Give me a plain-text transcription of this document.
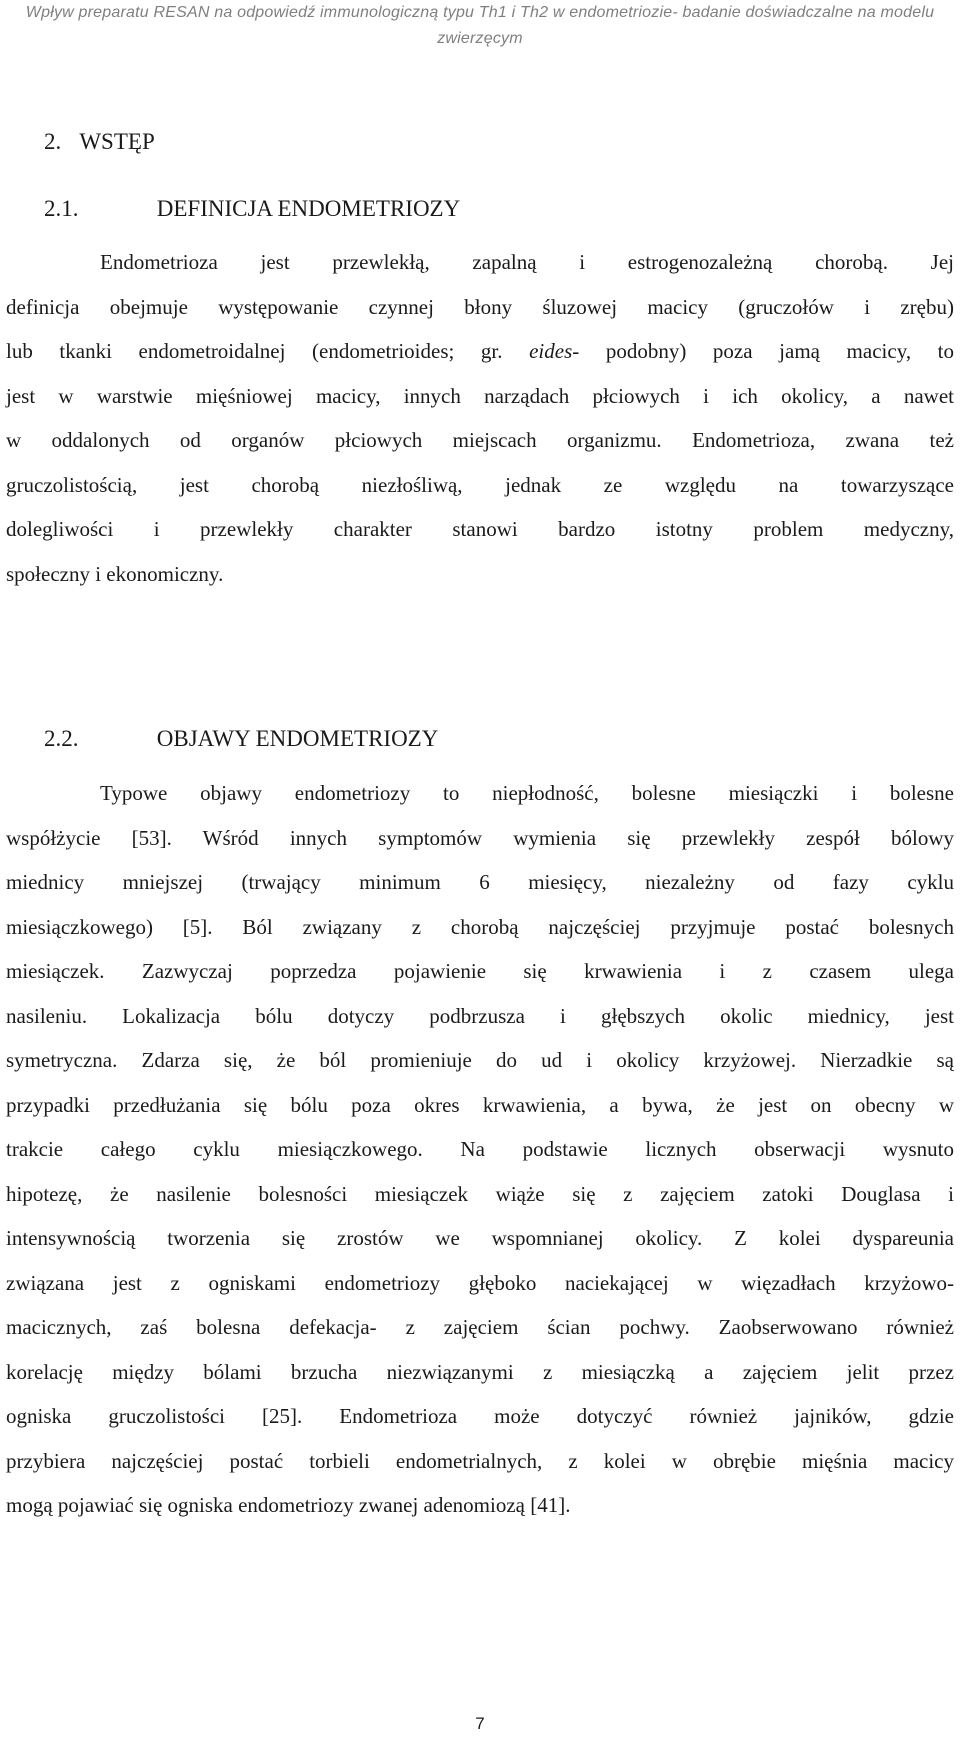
Wpływ preparatu RESAN na odpowiedź immunologiczną typu Th1 i Th2 w endometriozie- badanie doświadczalne na modelu
zwierzęcym
2. WSTĘP
2.1.	DEFINICJA ENDOMETRIOZY

Endometrioza jest przewlekłą, zapalną i estrogenozależną chorobą. Jej
definicja obejmuje występowanie czynnej błony śluzowej macicy (gruczołów i zrębu)
lub tkanki endometroidalnej (endometrioides; gr. eides- podobny) poza jamą macicy, to
jest w warstwie mięśniowej macicy, innych narządach płciowych i ich okolicy, a nawet
w oddalonych od organów płciowych miejscach organizmu. Endometrioza, zwana też
gruczolistością, jest chorobą niezłośliwą, jednak ze względu na towarzyszące
dolegliwości i przewlekły charakter stanowi bardzo istotny problem medyczny,
społeczny i ekonomiczny.

2.2.	OBJAWY ENDOMETRIOZY

Typowe objawy endometriozy to niepłodność, bolesne miesiączki i bolesne
współżycie [53]. Wśród innych symptomów wymienia się przewlekły zespół bólowy
miednicy mniejszej (trwający minimum 6 miesięcy, niezależny od fazy cyklu
miesiączkowego) [5]. Ból związany z chorobą najczęściej przyjmuje postać bolesnych
miesiączek. Zazwyczaj poprzedza pojawienie się krwawienia i z czasem ulega
nasileniu. Lokalizacja bólu dotyczy podbrzusza i głębszych okolic miednicy, jest
symetryczna. Zdarza się, że ból promieniuje do ud i okolicy krzyżowej. Nierzadkie są
przypadki przedłużania się bólu poza okres krwawienia, a bywa, że jest on obecny w
trakcie całego cyklu miesiączkowego. Na podstawie licznych obserwacji wysnuto
hipotezę, że nasilenie bolesności miesiączek wiąże się z zajęciem zatoki Douglasa i
intensywnością tworzenia się zrostów we wspomnianej okolicy. Z kolei dyspareunia
związana jest z ogniskami endometriozy głęboko naciekającej w więzadłach krzyżowo-
macicznych, zaś bolesna defekacja- z zajęciem ścian pochwy. Zaobserwowano również
korelację między bólami brzucha niezwiązanymi z miesiączką a zajęciem jelit przez
ogniska gruczolistości [25]. Endometrioza może dotyczyć również jajników, gdzie
przybiera najczęściej postać torbieli endometrialnych, z kolei w obrębie mięśnia macicy
mogą pojawiać się ogniska endometriozy zwanej adenomiozą [41].

7
